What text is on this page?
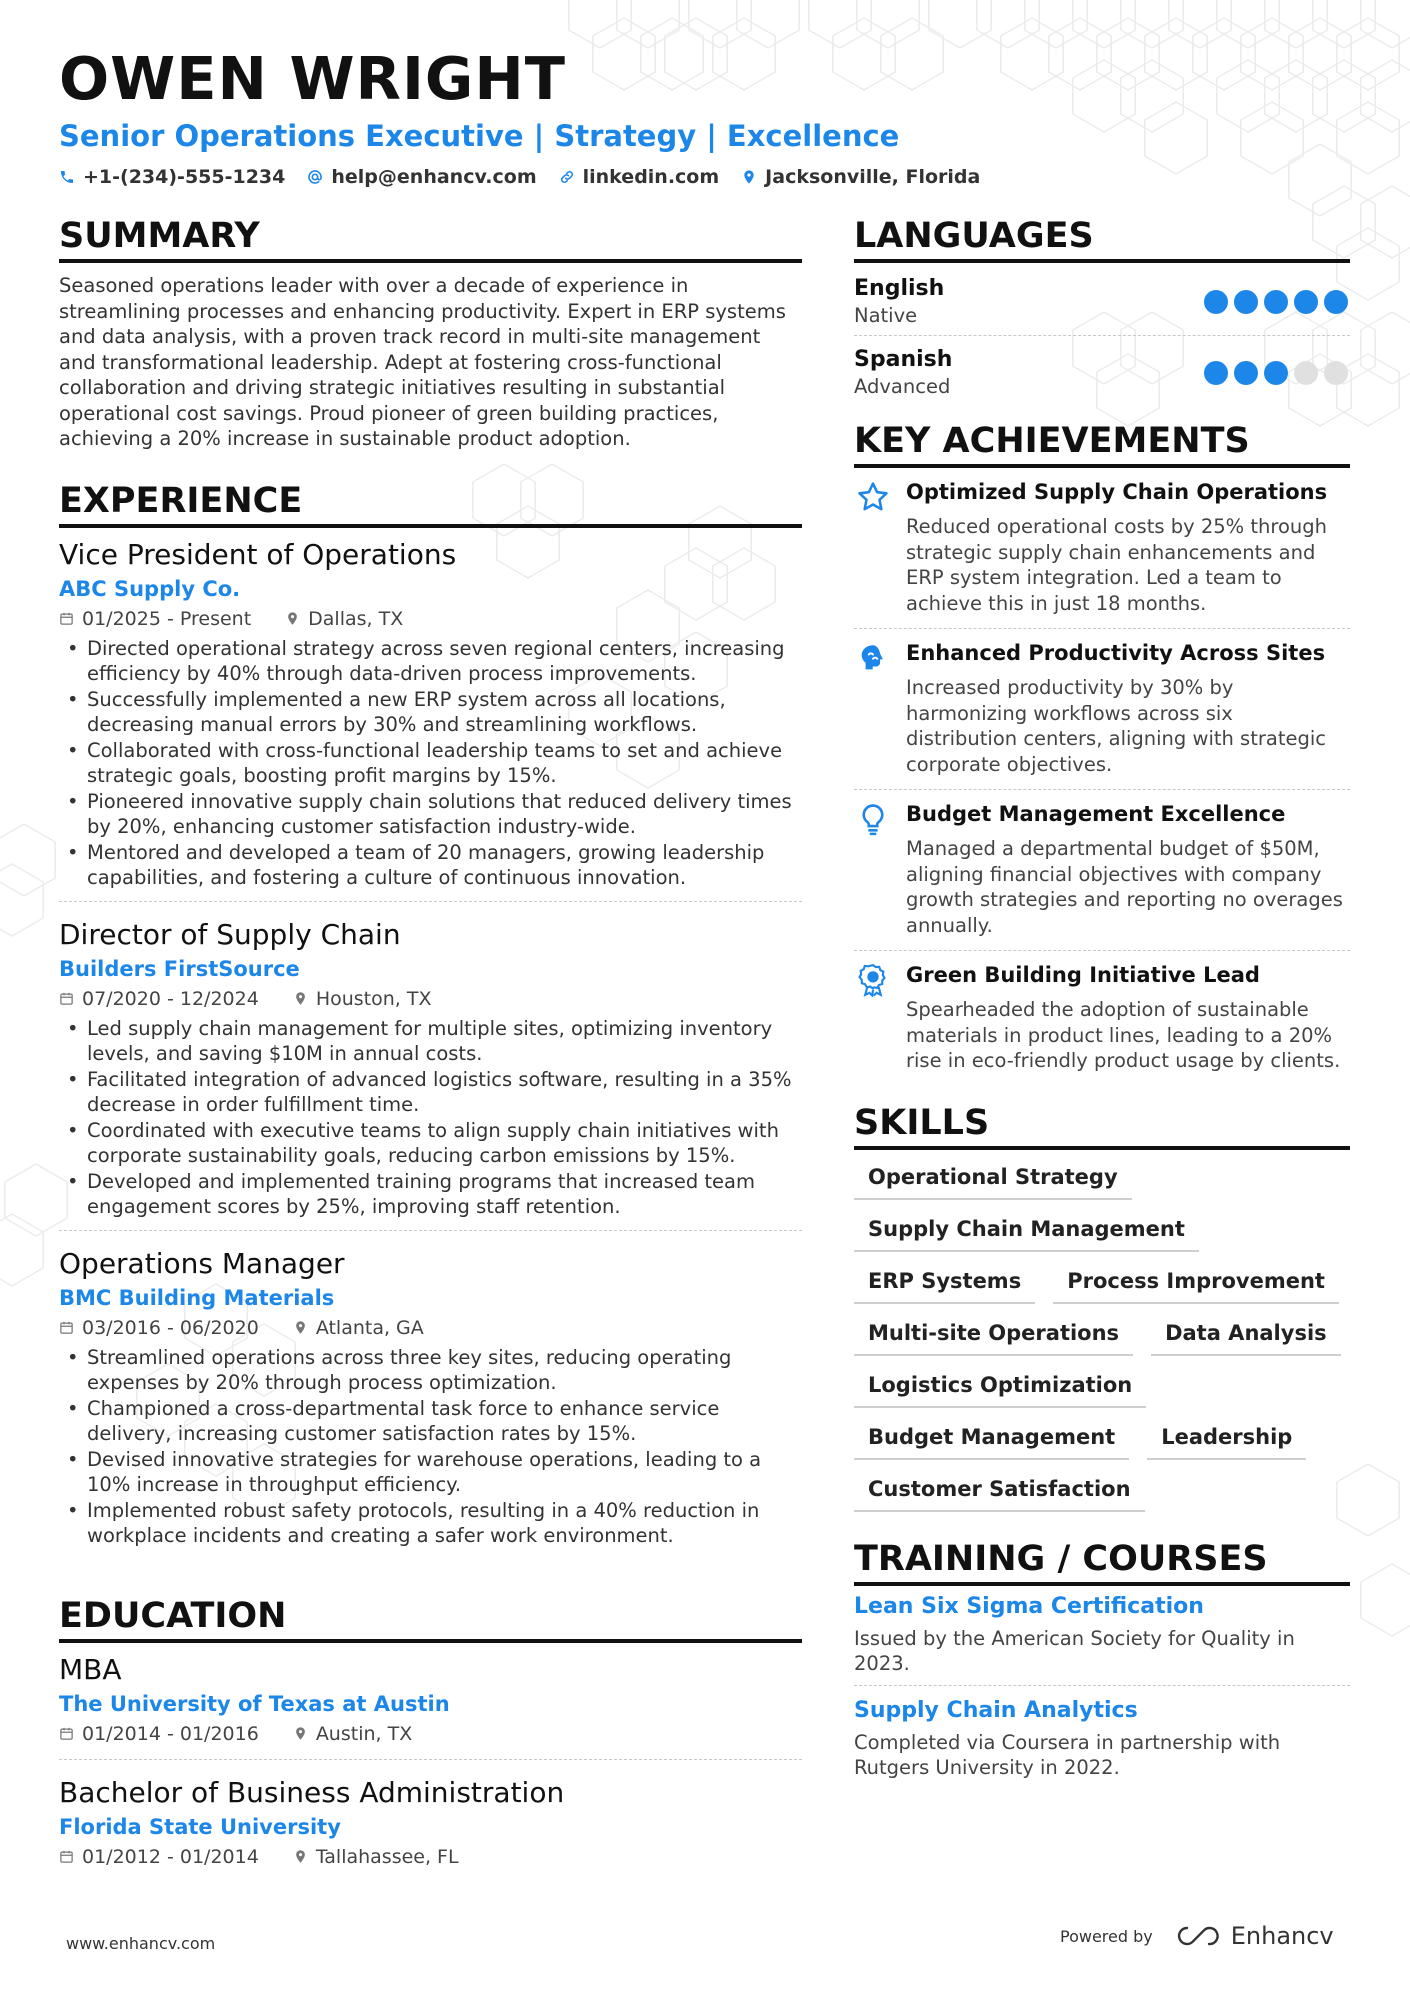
OWEN WRIGHT
Senior Operations Executive | Strategy | Excellence
+1-(234)-555-1234 help@enhancv.com linkedin.com Jacksonville, Florida
SUMMARY
Seasoned operations leader with over a decade of experience in streamlining processes and enhancing productivity. Expert in ERP systems and data analysis, with a proven track record in multi-site management and transformational leadership. Adept at fostering cross-functional collaboration and driving strategic initiatives resulting in substantial operational cost savings. Proud pioneer of green building practices, achieving a 20% increase in sustainable product adoption.
EXPERIENCE
Vice President of Operations
ABC Supply Co.
01/2025 - Present	Dallas, TX
• Directed operational strategy across seven regional centers, increasing efficiency by 40% through data-driven process improvements.
• Successfully implemented a new ERP system across all locations, decreasing manual errors by 30% and streamlining workflows.
• Collaborated with cross-functional leadership teams to set and achieve strategic goals, boosting profit margins by 15%.
• Pioneered innovative supply chain solutions that reduced delivery times by 20%, enhancing customer satisfaction industry-wide.
• Mentored and developed a team of 20 managers, growing leadership capabilities, and fostering a culture of continuous innovation.
Director of Supply Chain
Builders FirstSource
07/2020 - 12/2024	Houston, TX
• Led supply chain management for multiple sites, optimizing inventory levels, and saving $10M in annual costs.
• Facilitated integration of advanced logistics software, resulting in a 35% decrease in order fulfillment time.
• Coordinated with executive teams to align supply chain initiatives with corporate sustainability goals, reducing carbon emissions by 15%.
• Developed and implemented training programs that increased team engagement scores by 25%, improving staff retention.
Operations Manager
BMC Building Materials
03/2016 - 06/2020	Atlanta, GA
• Streamlined operations across three key sites, reducing operating expenses by 20% through process optimization.
• Championed a cross-departmental task force to enhance service delivery, increasing customer satisfaction rates by 15%.
• Devised innovative strategies for warehouse operations, leading to a 10% increase in throughput efficiency.
• Implemented robust safety protocols, resulting in a 40% reduction in workplace incidents and creating a safer work environment.
EDUCATION
MBA
The University of Texas at Austin
01/2014 - 01/2016	Austin, TX
Bachelor of Business Administration
Florida State University
01/2012 - 01/2014	Tallahassee, FL
LANGUAGES
English
Native
Spanish
Advanced
KEY ACHIEVEMENTS
Optimized Supply Chain Operations
Reduced operational costs by 25% through strategic supply chain enhancements and ERP system integration. Led a team to achieve this in just 18 months.
Enhanced Productivity Across Sites
Increased productivity by 30% by harmonizing workflows across six distribution centers, aligning with strategic corporate objectives.
Budget Management Excellence
Managed a departmental budget of $50M, aligning financial objectives with company growth strategies and reporting no overages annually.
Green Building Initiative Lead
Spearheaded the adoption of sustainable materials in product lines, leading to a 20% rise in eco-friendly product usage by clients.
SKILLS
Operational Strategy
Supply Chain Management
ERP Systems	Process Improvement
Multi-site Operations	Data Analysis
Logistics Optimization
Budget Management	Leadership
Customer Satisfaction
TRAINING / COURSES
Lean Six Sigma Certification
Issued by the American Society for Quality in 2023.
Supply Chain Analytics
Completed via Coursera in partnership with Rutgers University in 2022.
www.enhancv.com	Powered by	Enhancv
